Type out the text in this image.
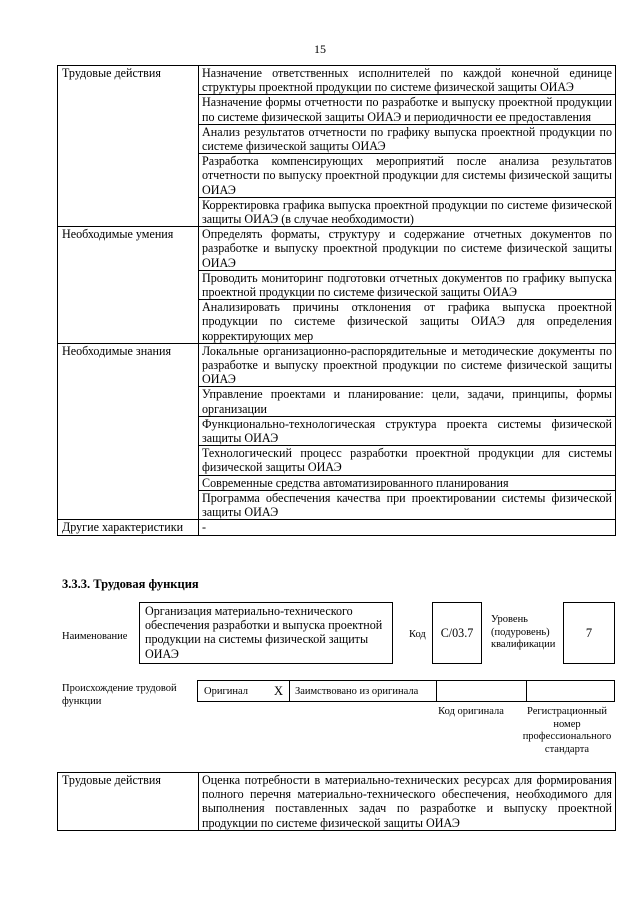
15
Трудовые действия	Назначение ответственных исполнителей по каждой конечной единице структуры проектной продукции по системе физической защиты ОИАЭ
	Назначение формы отчетности по разработке и выпуску проектной продукции по системе физической защиты ОИАЭ и периодичности ее предоставления
	Анализ результатов отчетности по графику выпуска проектной продукции по системе физической защиты ОИАЭ
	Разработка компенсирующих мероприятий после анализа результатов отчетности по выпуску проектной продукции для системы физической защиты ОИАЭ
	Корректировка графика выпуска проектной продукции по системе физической защиты ОИАЭ (в случае необходимости)
Необходимые умения	Определять форматы, структуру и содержание отчетных документов по разработке и выпуску проектной продукции по системе физической защиты ОИАЭ
	Проводить мониторинг подготовки отчетных документов по графику выпуска проектной продукции по системе физической защиты ОИАЭ
	Анализировать причины отклонения от графика выпуска проектной продукции по системе физической защиты ОИАЭ для определения корректирующих мер
Необходимые знания	Локальные организационно-распорядительные и методические документы по разработке и выпуску проектной продукции по системе физической защиты ОИАЭ
	Управление проектами и планирование: цели, задачи, принципы, формы организации
	Функционально-технологическая структура проекта системы физической защиты ОИАЭ
	Технологический процесс разработки проектной продукции для системы физической защиты ОИАЭ
	Современные средства автоматизированного планирования
	Программа обеспечения качества при проектировании системы физической защиты ОИАЭ
Другие характеристики	-
3.3.3. Трудовая функция
Наименование
Организация материально-технического обеспечения разработки и выпуска проектной продукции на системы физической защиты ОИАЭ
Код C/03.7
Уровень (подуровень) квалификации
7
Происхождение трудовой функции
Оригинал X Заимствовано из оригинала
Код оригинала	Регистрационный номер профессионального стандарта
Трудовые действия	Оценка потребности в материально-технических ресурсах для формирования полного перечня материально-технического обеспечения, необходимого для выполнения поставленных задач по разработке и выпуску проектной продукции по системе физической защиты ОИАЭ
